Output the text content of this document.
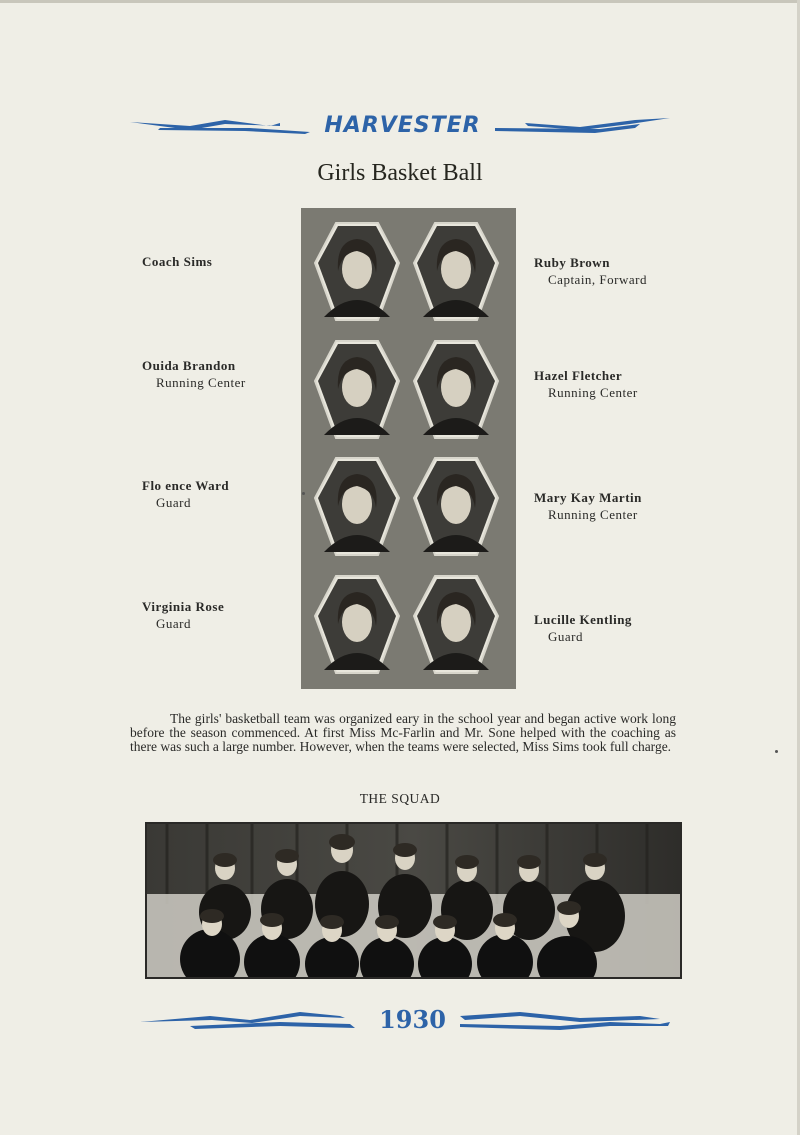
HARVESTER
Girls Basket Ball
Coach Sims
Ouida Brandon
Running Center
Flo ence Ward
Guard
Virginia Rose
Guard
Ruby Brown
Captain, Forward
Hazel Fletcher
Running Center
Mary Kay Martin
Running Center
Lucille Kentling
Guard
The girls' basketball team was organized eary in the school year and began active work long before the season commenced. At first Miss Mc-Farlin and Mr. Sone helped with the coaching as there was such a large number. However, when the teams were selected, Miss Sims took full charge.
THE SQUAD
1930
